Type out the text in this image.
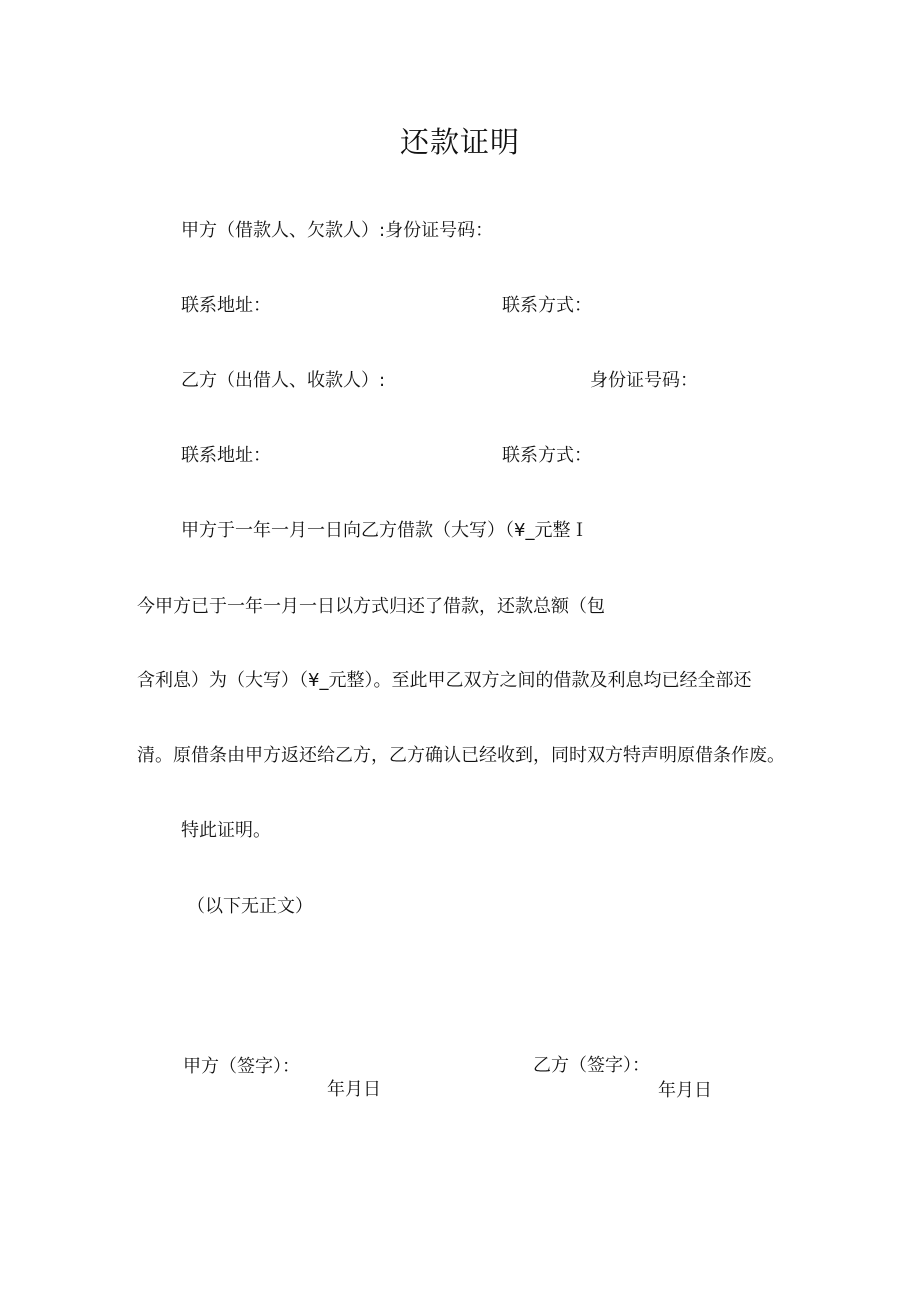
还款证明
甲方（借款人、欠款人）:身份证号码：
联系地址：	联系方式：
乙方（出借人、收款人）:	身份证号码：
联系地址：	联系方式：
甲方于一年一月一日向乙方借款（大写）（¥_元整Ｉ
今甲方已于一年一月一日以方式归还了借款，还款总额（包
含利息）为（大写）（¥_元整）。至此甲乙双方之间的借款及利息均已经全部还
清。原借条由甲方返还给乙方，乙方确认已经收到，同时双方特声明原借条作废。
特此证明。
（以下无正文）
甲方（签字）：
年月日
乙方（签字）：
年月日
